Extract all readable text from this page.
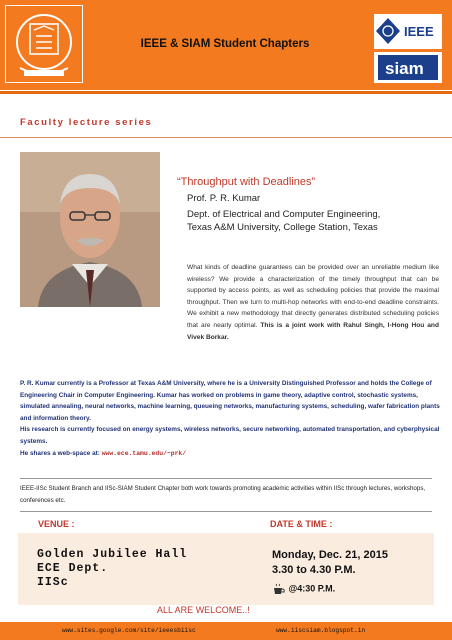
IEEE & SIAM Student Chapters
IEEE
siam
Faculty lecture series
“Throughput with Deadlines”
Prof. P. R. Kumar
Dept. of Electrical and Computer Engineering,
Texas A&M University, College Station, Texas
What kinds of deadline guarantees can be provided over an unreliable medium like wireless? We provide a characterization of the timely throughput that can be supported by access points, as well as scheduling policies that provide the maximal throughput. Then we turn to multi-hop networks with end-to-end deadline constraints. We exhibit a new methodology that directly generates distributed scheduling policies that are nearly optimal. This is a joint work with Rahul Singh, I-Hong Hou and Vivek Borkar.

P. R. Kumar currently is a Professor at Texas A&M University, where he is a University Distinguished Professor and holds the College of Engineering Chair in Computer Engineering. Kumar has worked on problems in game theory, adaptive control, stochastic systems, simulated annealing, neural networks, machine learning, queueing networks, manufacturing systems, scheduling, wafer fabrication plants and information theory.

His research is currently focused on energy systems, wireless networks, secure networking, automated transportation, and cyberphysical systems.

He shares a web-space at: www.ece.tamu.edu/~prk/

IEEE-IISc Student Branch and IISc-SIAM Student Chapter both work towards promoting academic activities within IISc through lectures, workshops, conferences etc.
VENUE :	DATE & TIME :
Golden Jubilee Hall
ECE Dept.
IISc
Monday, Dec. 21, 2015
3.30 to 4.30 P.M.
@4:30 P.M.
ALL ARE WELCOME..!
www.sites.google.com/site/ieeesbiisc	www.iiscsiam.blogspot.in
